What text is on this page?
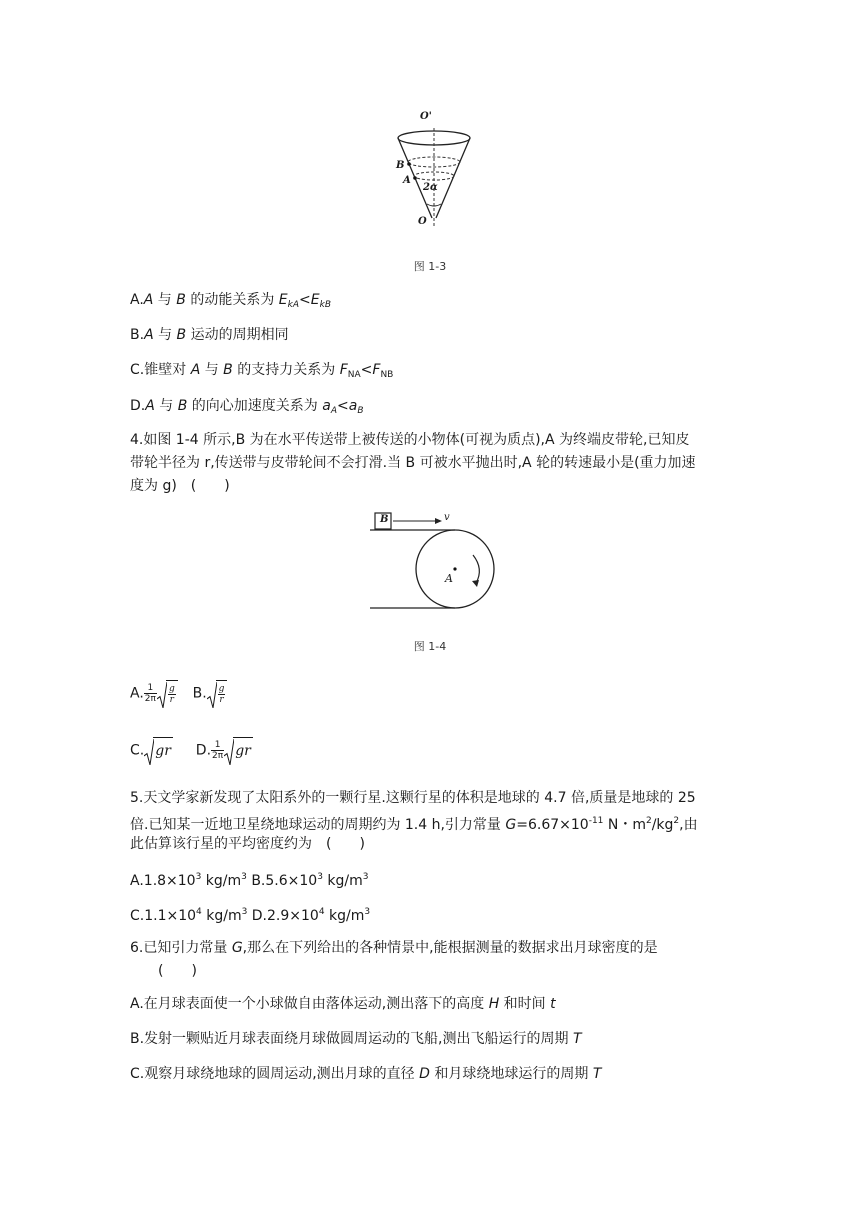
O'
B
A
2α
O
图 1-3
A.A 与 B 的动能关系为 $E_{kA}<E_{kB}$
B.A 与 B 运动的周期相同
C.锥壁对 A 与 B 的支持力关系为 $F_{NA}<F_{NB}$
D.A 与 B 的向心加速度关系为 $a_A<a_B$
4.如图 1-4 所示,B 为在水平传送带上被传送的小物体(可视为质点),A 为终端皮带轮,已知皮
带轮半径为 r,传送带与皮带轮间不会打滑.当 B 可被水平抛出时,A 轮的转速最小是(重力加速
度为 g)　(　　)
B	v
A
图 1-4
A. $\frac{1}{2\pi} \frac{g}{r} B$. $\frac{g}{r}$
C. gr D. $\frac{1}{2\pi}$ gr
5.天文学家新发现了太阳系外的一颗行星.这颗行星的体积是地球的 4.7 倍,质量是地球的 25
倍.已知某一近地卫星绕地球运动的周期约为 1.4 h,引力常量 $G=6.67\times 10^{-11}$ N・$m^2/kg^2$,由
此估算该行星的平均密度约为　(　　)
$A.1.8\times 10^3$ $kg/m^3$ $B.5.6\times 10^3$ $kg/m^3$
$C.1.1\times 10^4$ $kg/m^3$ $D.2.9\times 10^4$ $kg/m^3$
6.已知引力常量 G,那么在下列给出的各种情景中,能根据测量的数据求出月球密度的是
(　　)
A.在月球表面使一个小球做自由落体运动,测出落下的高度 H 和时间 t
B.发射一颗贴近月球表面绕月球做圆周运动的飞船,测出飞船运行的周期 T
C.观察月球绕地球的圆周运动,测出月球的直径 D 和月球绕地球运行的周期 T
